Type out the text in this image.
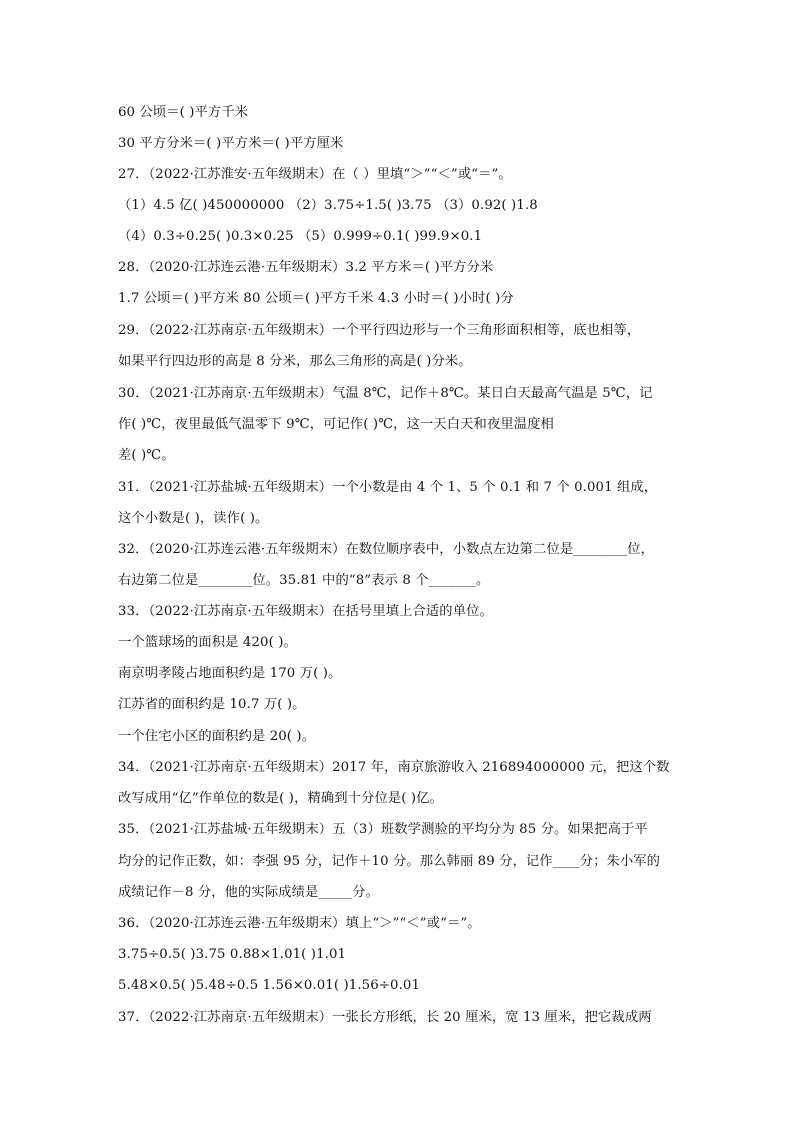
60 公顷＝( )平方千米
30 平方分米＝( )平方米＝( )平方厘米
27．（2022·江苏淮安·五年级期末）在（ ）里填“＞”“＜”或“＝”。
（1）4.5 亿( )450000000 （2）3.75÷1.5( )3.75 （3）0.92( )1.8
（4）0.3÷0.25( )0.3×0.25 （5）0.999÷0.1( )99.9×0.1
28．（2020·江苏连云港·五年级期末）3.2 平方米＝( )平方分米
1.7 公顷＝( )平方米 80 公顷＝( )平方千米 4.3 小时＝( )小时( )分
29．（2022·江苏南京·五年级期末）一个平行四边形与一个三角形面积相等，底也相等，
如果平行四边形的高是 8 分米，那么三角形的高是( )分米。
30．（2021·江苏南京·五年级期末）气温 8℃，记作＋8℃。某日白天最高气温是 5℃，记
作( )℃，夜里最低气温零下 9℃，可记作( )℃，这一天白天和夜里温度相
差( )℃。
31．（2021·江苏盐城·五年级期末）一个小数是由 4 个 1、5 个 0.1 和 7 个 0.001 组成，
这个小数是( )，读作( )。
32．（2020·江苏连云港·五年级期末）在数位顺序表中，小数点左边第二位是________位，
右边第二位是________位。35.81 中的“8”表示 8 个_______。
33．（2022·江苏南京·五年级期末）在括号里填上合适的单位。
一个篮球场的面积是 420( )。
南京明孝陵占地面积约是 170 万( )。
江苏省的面积约是 10.7 万( )。
一个住宅小区的面积约是 20( )。
34．（2021·江苏南京·五年级期末）2017 年，南京旅游收入 216894000000 元，把这个数
改写成用“亿”作单位的数是( )，精确到十分位是( )亿。
35．（2021·江苏盐城·五年级期末）五（3）班数学测验的平均分为 85 分。如果把高于平
均分的记作正数，如：李强 95 分，记作＋10 分。那么韩丽 89 分，记作____分；朱小军的
成绩记作－8 分，他的实际成绩是_____分。
36．（2020·江苏连云港·五年级期末）填上“＞”“＜”或“＝”。
3.75÷0.5( )3.75 0.88×1.01( )1.01
5.48×0.5( )5.48÷0.5 1.56×0.01( )1.56÷0.01
37．（2022·江苏南京·五年级期末）一张长方形纸，长 20 厘米，宽 13 厘米，把它裁成两
